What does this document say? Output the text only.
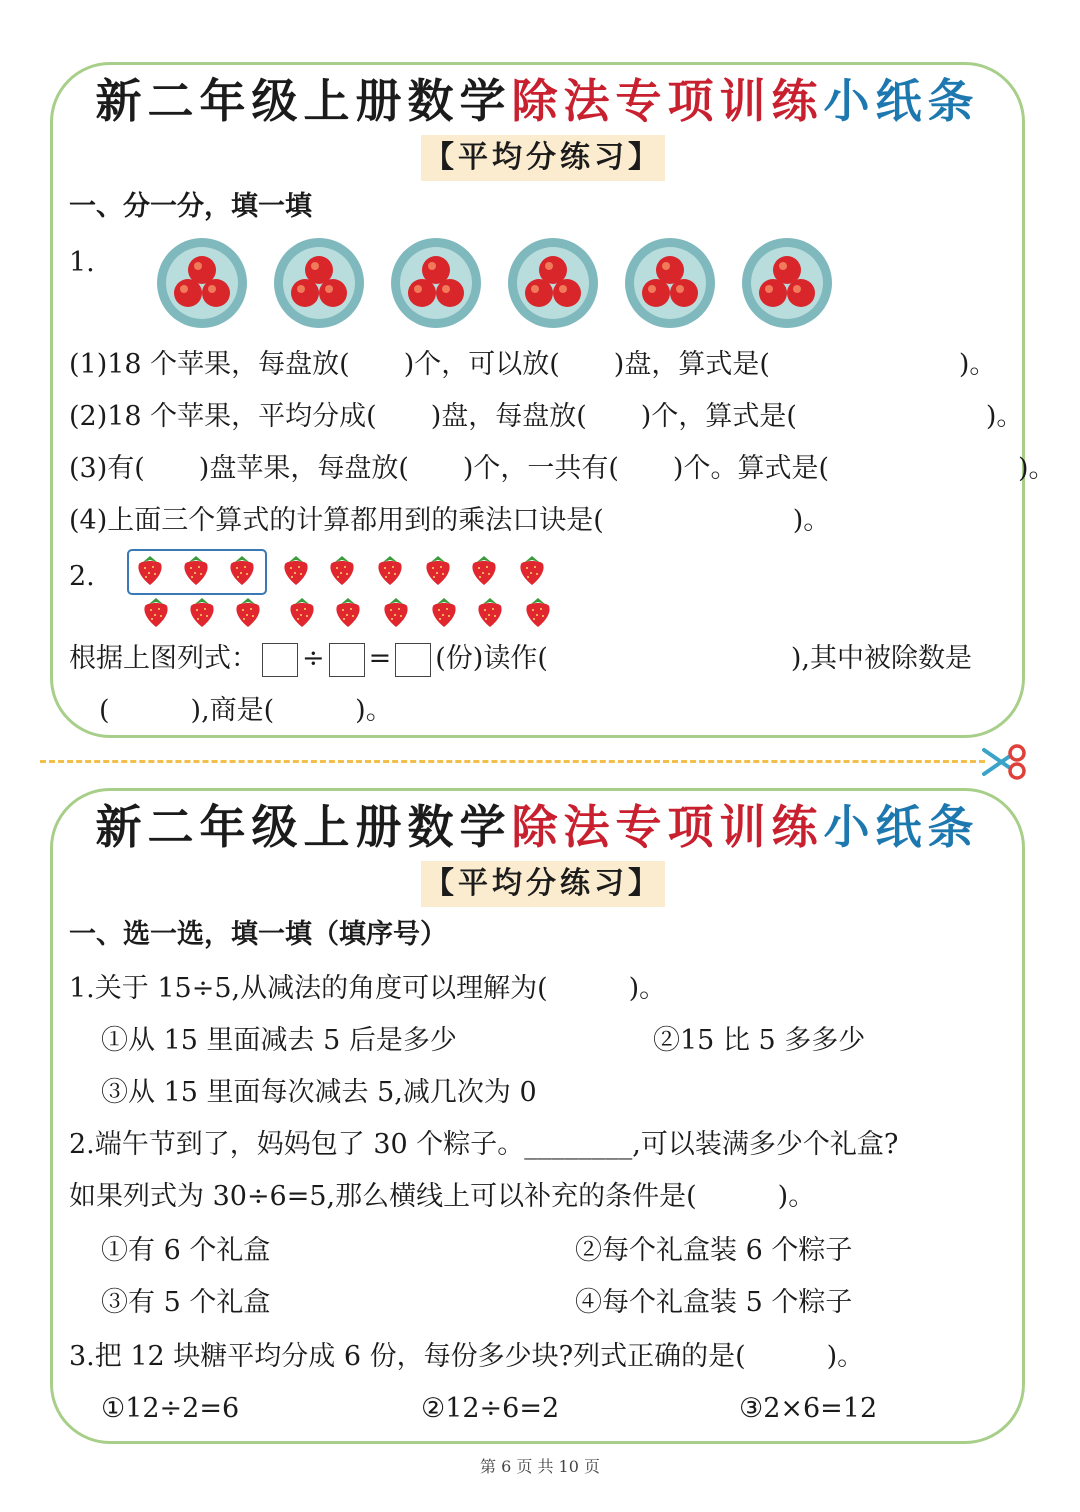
新二年级上册数学除法专项训练小纸条
【平均分练习】
一、分一分，填一填
1.
(1)18 个苹果，每盘放(　　)个，可以放(　　)盘，算式是(　　　　　　　)。
(2)18 个苹果，平均分成(　　)盘，每盘放(　　)个，算式是(　　　　　　　)。
(3)有(　　)盘苹果，每盘放(　　)个，一共有(　　)个。算式是(　　　　　　　)。
(4)上面三个算式的计算都用到的乘法口诀是(　　　　　　　)。
2.
根据上图列式： ÷ = (份)读作(　　　　　　　　　),其中被除数是
(　　　),商是(　　　)。
新二年级上册数学除法专项训练小纸条
【平均分练习】
一、选一选，填一填（填序号）
1.关于 15÷5,从减法的角度可以理解为(　　　)。
①从 15 里面减去 5 后是多少	②15 比 5 多多少
③从 15 里面每次减去 5,减几次为 0
2.端午节到了，妈妈包了 30 个粽子。________,可以装满多少个礼盒?
如果列式为 30÷6=5,那么横线上可以补充的条件是(　　　)。
①有 6 个礼盒	②每个礼盒装 6 个粽子
③有 5 个礼盒	④每个礼盒装 5 个粽子
3.把 12 块糖平均分成 6 份，每份多少块?列式正确的是(　　　)。
①12÷2=6	②12÷6=2	③2×6=12
第 6 页 共 10 页
